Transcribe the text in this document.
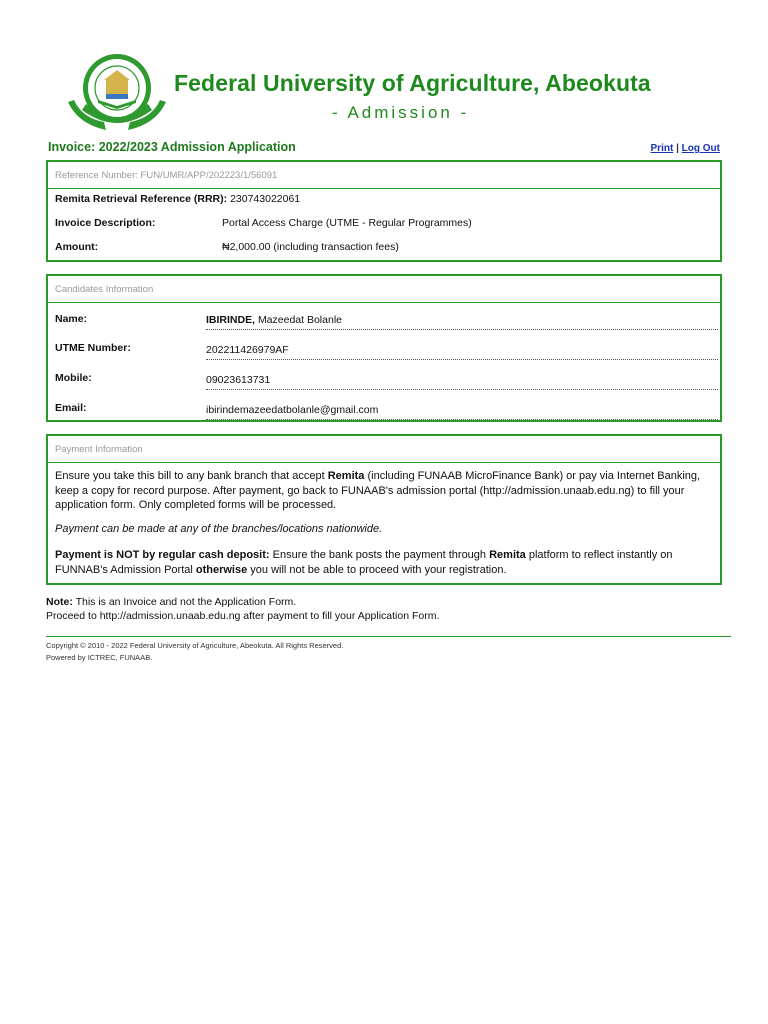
Federal University of Agriculture, Abeokuta
- Admission -
Invoice: 2022/2023 Admission Application	Print | Log Out
Reference Number: FUN/UMR/APP/202223/1/56091
Remita Retrieval Reference (RRR): 230743022061
Invoice Description:	Portal Access Charge (UTME - Regular Programmes)
Amount:	₦2,000.00 (including transaction fees)
Candidates Information
Name:	IBIRINDE, Mazeedat Bolanle
UTME Number:	202211426979AF
Mobile:	09023613731
Email:	ibirindemazeedatbolanle@gmail.com
Payment Information
Ensure you take this bill to any bank branch that accept Remita (including FUNAAB MicroFinance Bank) or pay via Internet Banking, keep a copy for record purpose. After payment, go back to FUNAAB's admission portal (http://admission.unaab.edu.ng) to fill your application form. Only completed forms will be processed.
Payment can be made at any of the branches/locations nationwide.
Payment is NOT by regular cash deposit: Ensure the bank posts the payment through Remita platform to reflect instantly on FUNNAB's Admission Portal otherwise you will not be able to proceed with your registration.
Note: This is an Invoice and not the Application Form.
Proceed to http://admission.unaab.edu.ng after payment to fill your Application Form.
Copyright © 2010 - 2022 Federal University of Agriculture, Abeokuta. All Rights Reserved.
Powered by ICTREC, FUNAAB.
